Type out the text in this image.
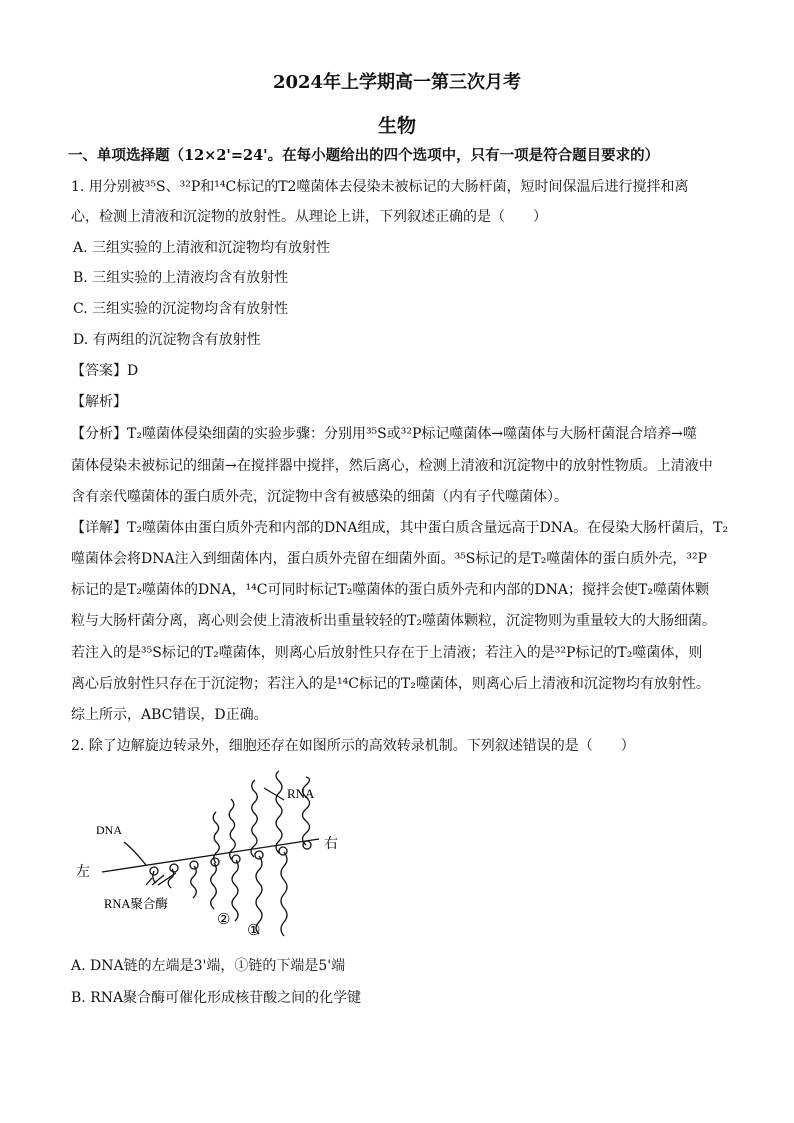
2024年上学期高一第三次月考
生物
一、单项选择题（12×2'=24'。在每小题给出的四个选项中，只有一项是符合题目要求的）
1. 用分别被³⁵S、³²P和¹⁴C标记的T2噬菌体去侵染未被标记的大肠杆菌，短时间保温后进行搅拌和离
心，检测上清液和沉淀物的放射性。从理论上讲，下列叙述正确的是（　　）
A. 三组实验的上清液和沉淀物均有放射性
B. 三组实验的上清液均含有放射性
C. 三组实验的沉淀物均含有放射性
D. 有两组的沉淀物含有放射性
【答案】D
【解析】
【分析】T₂噬菌体侵染细菌的实验步骤：分别用³⁵S或³²P标记噬菌体→噬菌体与大肠杆菌混合培养→噬
菌体侵染未被标记的细菌→在搅拌器中搅拌，然后离心，检测上清液和沉淀物中的放射性物质。上清液中
含有亲代噬菌体的蛋白质外壳，沉淀物中含有被感染的细菌（内有子代噬菌体）。
【详解】T₂噬菌体由蛋白质外壳和内部的DNA组成，其中蛋白质含量远高于DNA。在侵染大肠杆菌后，T₂
噬菌体会将DNA注入到细菌体内，蛋白质外壳留在细菌外面。³⁵S标记的是T₂噬菌体的蛋白质外壳，³²P
标记的是T₂噬菌体的DNA，¹⁴C可同时标记T₂噬菌体的蛋白质外壳和内部的DNA；搅拌会使T₂噬菌体颗
粒与大肠杆菌分离，离心则会使上清液析出重量较轻的T₂噬菌体颗粒，沉淀物则为重量较大的大肠细菌。
若注入的是³⁵S标记的T₂噬菌体，则离心后放射性只存在于上清液；若注入的是³²P标记的T₂噬菌体，则
离心后放射性只存在于沉淀物；若注入的是¹⁴C标记的T₂噬菌体，则离心后上清液和沉淀物均有放射性。
综上所示，ABC错误，D正确。
2. 除了边解旋边转录外，细胞还存在如图所示的高效转录机制。下列叙述错误的是（　　）
RNA
DNA
左
右
RNA聚合酶
②
①
A. DNA链的左端是3'端，①链的下端是5'端
B. RNA聚合酶可催化形成核苷酸之间的化学键
